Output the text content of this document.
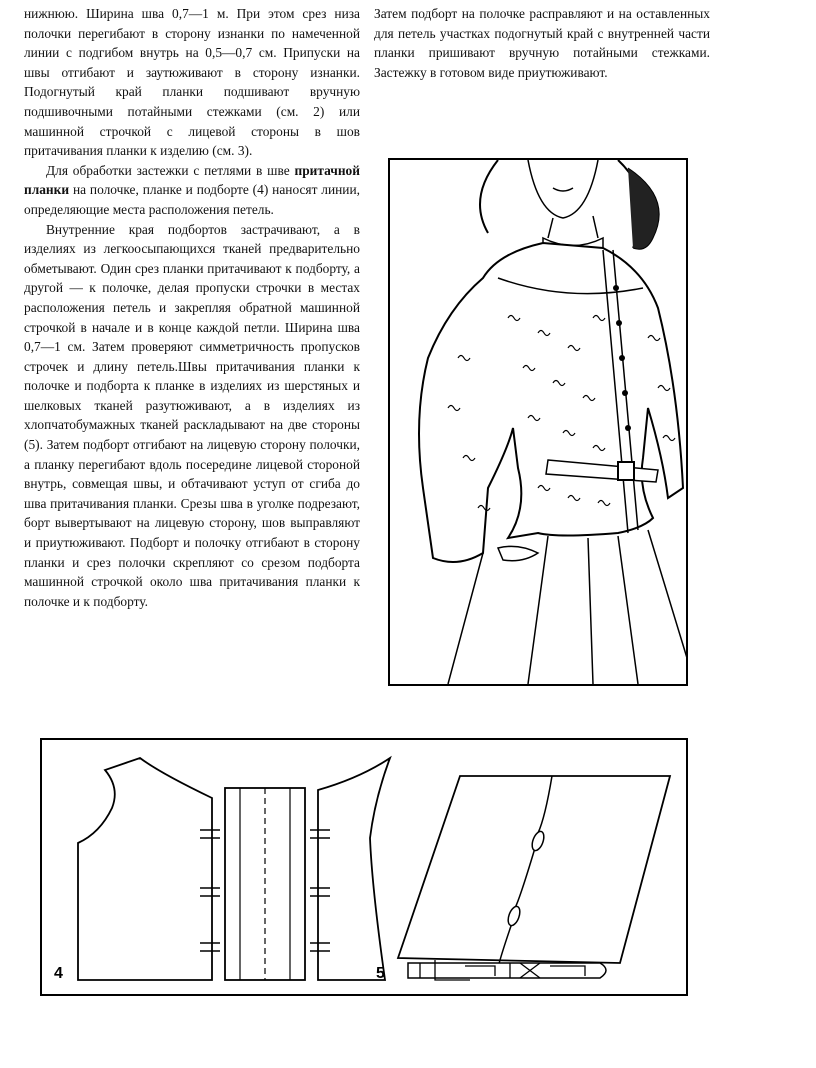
нижнюю. Ширина шва 0,7—1 м. При этом срез низа полочки перегибают в сторону изнанки по намеченной линии с подгибом внутрь на 0,5—0,7 см. Припуски на швы отгибают и заутюживают в сторону изнанки. Подогнутый край планки подшивают вручную подшивочными потайными стежками (см. 2) или машинной строчкой с лицевой стороны в шов притачивания планки к изделию (см. 3).

Для обработки застежки с петлями в шве притачной планки на полочке, планке и подборте (4) наносят линии, определяющие места расположения петель.

Внутренние края подбортов застрачивают, а в изделиях из легкоосыпающихся тканей предварительно обметывают. Один срез планки притачивают к подборту, а другой — к полочке, делая пропуски строчки в местах расположения петель и закрепляя обратной машинной строчкой в начале и в конце каждой петли. Ширина шва 0,7—1 см. Затем проверяют симметричность пропусков строчек и длину петель.Швы притачивания планки к полочке и подборта к планке в изделиях из шерстяных и шелковых тканей разутюживают, а в изделиях из хлопчатобумажных тканей раскладывают на две стороны (5). Затем подборт отгибают на лицевую сторону полочки, а планку перегибают вдоль посередине лицевой стороной внутрь, совмещая швы, и обтачивают уступ от сгиба до шва притачивания планки. Срезы шва в уголке подрезают, борт вывертывают на лицевую сторону, шов выправляют и приутюживают. Подборт и полочку отгибают в сторону планки и срез полочки скрепляют со срезом подборта машинной строчкой около шва притачивания планки к полочке и к подборту.

Затем подборт на полочке расправляют и на оставленных для петель участках подогнутый край с внутренней части планки пришивают вручную потайными стежками. Застежку в готовом виде приутюживают.

4	5
